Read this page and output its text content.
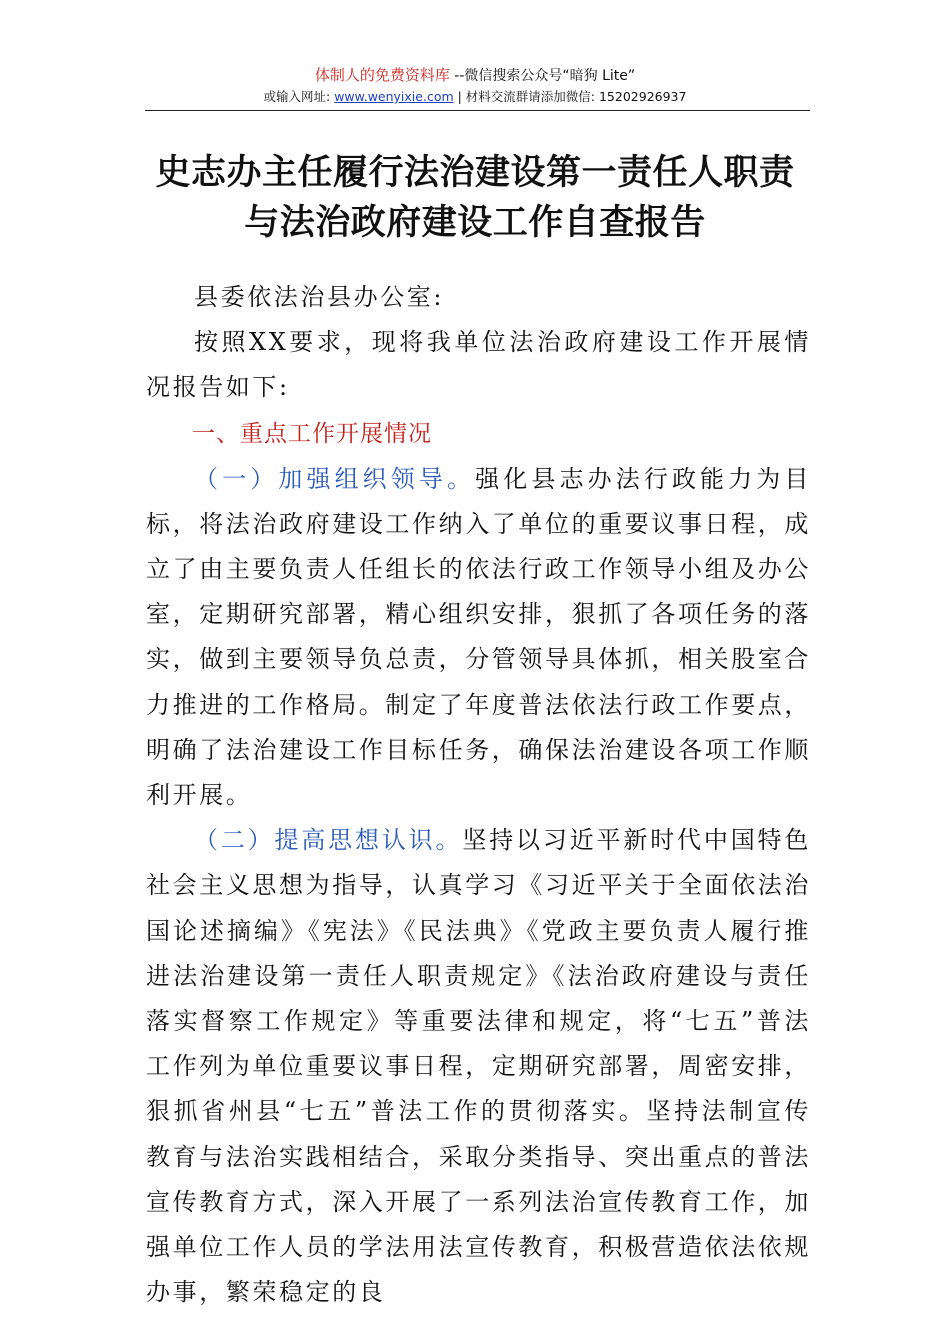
体制人的免费资料库 --微信搜索公众号“暗狗 Lite”
或输入网址: www.wenyixie.com | 材料交流群请添加微信: 15202926937
史志办主任履行法治建设第一责任人职责
与法治政府建设工作自查报告

县委依法治县办公室:

按照XX要求，现将我单位法治政府建设工作开展情况报告如下:

一、重点工作开展情况

（一）加强组织领导。强化县志办法行政能力为目标，将法治政府建设工作纳入了单位的重要议事日程，成立了由主要负责人任组长的依法行政工作领导小组及办公室，定期研究部署，精心组织安排，狠抓了各项任务的落实，做到主要领导负总责，分管领导具体抓，相关股室合力推进的工作格局。制定了年度普法依法行政工作要点，明确了法治建设工作目标任务，确保法治建设各项工作顺利开展。

（二）提高思想认识。坚持以习近平新时代中国特色社会主义思想为指导，认真学习《习近平关于全面依法治国论述摘编》《宪法》《民法典》《党政主要负责人履行推进法治建设第一责任人职责规定》《法治政府建设与责任落实督察工作规定》等重要法律和规定，将“七五”普法工作列为单位重要议事日程，定期研究部署，周密安排，狠抓省州县“七五”普法工作的贯彻落实。坚持法制宣传教育与法治实践相结合，采取分类指导、突出重点的普法宣传教育方式，深入开展了一系列法治宣传教育工作，加强单位工作人员的学法用法宣传教育，积极营造依法依规办事，繁荣稳定的良
